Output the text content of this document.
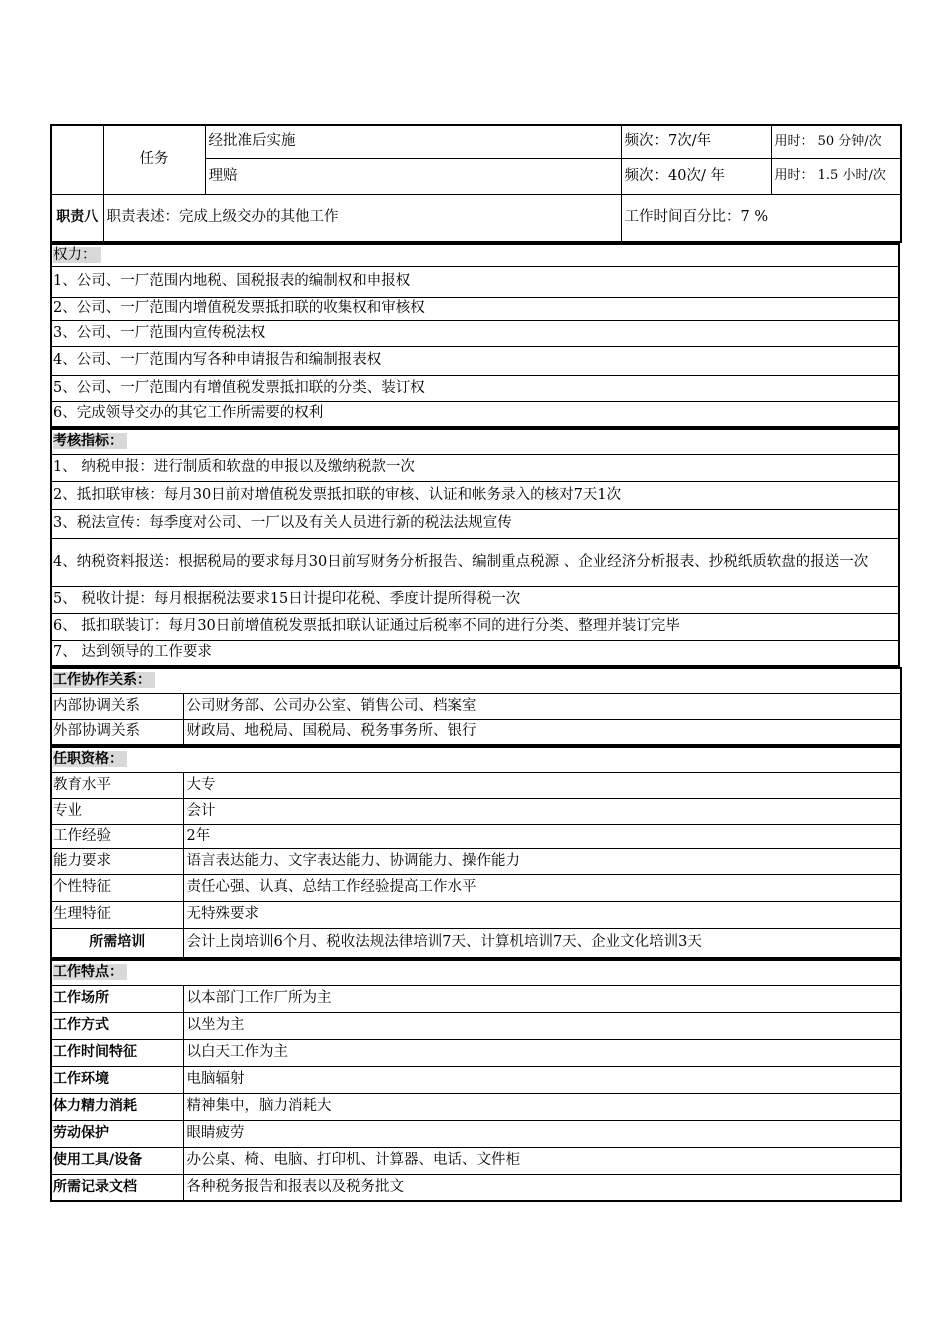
	任务	经批准后实施	频次：7次/年	用时： 50 分钟/次
		理赔	频次：40次/ 年	用时： 1.5 小时/次
职责八	职责表述：完成上级交办的其他工作		工作时间百分比：7 %	
权力：
1、公司、一厂范围内地税、国税报表的编制权和申报权
2、公司、一厂范围内增值税发票抵扣联的收集权和审核权
3、公司、一厂范围内宣传税法权
4、公司、一厂范围内写各种申请报告和编制报表权
5、公司、一厂范围内有增值税发票抵扣联的分类、装订权
6、完成领导交办的其它工作所需要的权利
考核指标：
1、 纳税申报：进行制质和软盘的申报以及缴纳税款一次
2、抵扣联审核：每月30日前对增值税发票抵扣联的审核、认证和帐务录入的核对7天1次
3、税法宣传：每季度对公司、一厂以及有关人员进行新的税法法规宣传
4、纳税资料报送：根据税局的要求每月30日前写财务分析报告、编制重点税源 、企业经济分析报表、抄税纸质软盘的报送一次
5、 税收计提：每月根据税法要求15日计提印花税、季度计提所得税一次
6、 抵扣联装订：每月30日前增值税发票抵扣联认证通过后税率不同的进行分类、整理并装订完毕
7、 达到领导的工作要求
工作协作关系：	
内部协调关系	公司财务部、公司办公室、销售公司、档案室
外部协调关系	财政局、地税局、国税局、税务事务所、银行
任职资格：	
教育水平	大专
专业	会计
工作经验	2年
能力要求	语言表达能力、文字表达能力、协调能力、操作能力
个性特征	责任心强、认真、总结工作经验提高工作水平
生理特征	无特殊要求
所需培训	会计上岗培训6个月、税收法规法律培训7天、计算机培训7天、企业文化培训3天
工作特点：	
工作场所	以本部门工作厂所为主
工作方式	以坐为主
工作时间特征	以白天工作为主
工作环境	电脑辐射
体力精力消耗	精神集中，脑力消耗大
劳动保护	眼睛疲劳
使用工具/设备	办公桌、椅、电脑、打印机、计算器、电话、文件柜
所需记录文档	各种税务报告和报表以及税务批文
